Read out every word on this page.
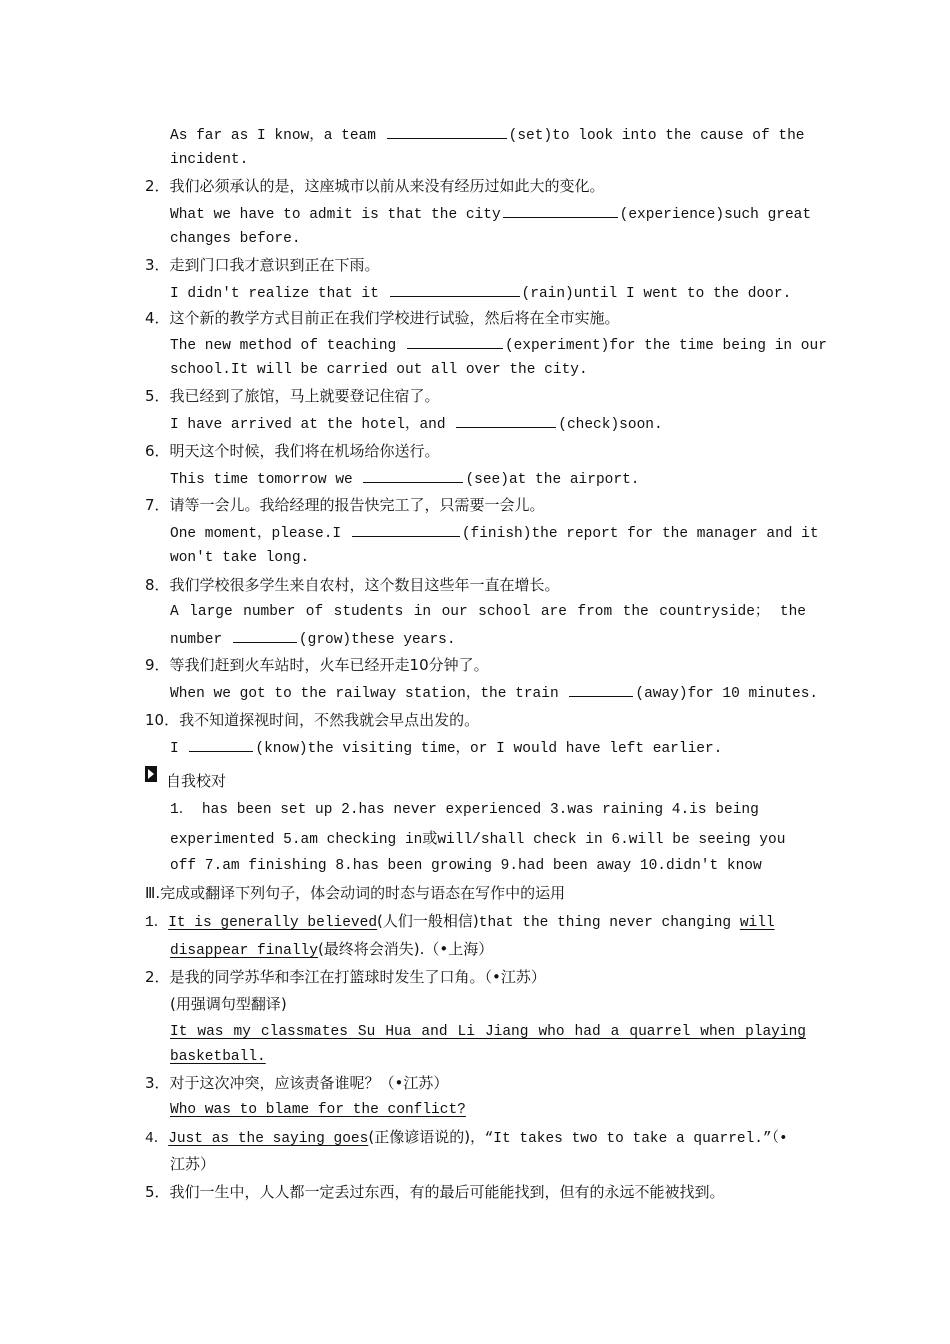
As far as I know，a team	(set)to look into the cause of the
incident.
2．我们必须承认的是，这座城市以前从来没有经历过如此大的变化。
What we have to admit is that the city	(experience)such great
changes before.
3．走到门口我才意识到正在下雨。
I didn't realize that it	(rain)until I went to the door.
4．这个新的教学方式目前正在我们学校进行试验，然后将在全市实施。
The new method of teaching	(experiment)for the time being in our
school.It will be carried out all over the city.
5．我已经到了旅馆，马上就要登记住宿了。
I have arrived at the hotel，and	(check)soon.
6．明天这个时候，我们将在机场给你送行。
This time tomorrow we	(see)at the airport.
7．请等一会儿。我给经理的报告快完工了，只需要一会儿。
One moment，please.I	(finish)the report for the manager and it
won't take long.
8．我们学校很多学生来自农村，这个数目这些年一直在增长。
A large number of students in our school are from the countryside； the
number	(grow)these years.
9．等我们赶到火车站时，火车已经开走10分钟了。
When we got to the railway station，the train	(away)for 10 minutes.
10．我不知道探视时间，不然我就会早点出发的。
I	(know)the visiting time，or I would have left earlier.
自我校对
1． has been set up 2.has never experienced 3.was raining 4.is being
experimented 5.am checking in或will/shall check in 6.will be seeing you
off 7.am finishing 8.has been growing 9.had been away 10.didn't know
Ⅲ.完成或翻译下列句子，体会动词的时态与语态在写作中的运用
1．It is generally believed(人们一般相信)that the thing never changing will
disappear finally(最终将会消失).（•上海）
2．是我的同学苏华和李江在打篮球时发生了口角。（•江苏）
(用强调句型翻译)
It was my classmates Su Hua and Li Jiang who had a quarrel when playing
basketball.
3．对于这次冲突，应该责备谁呢？（•江苏）
Who was to blame for the conflict?
4．Just as the saying goes(正像谚语说的)，“It takes two to take a quarrel.”（•
江苏）
5．我们一生中，人人都一定丢过东西，有的最后可能能找到，但有的永远不能被找到。
